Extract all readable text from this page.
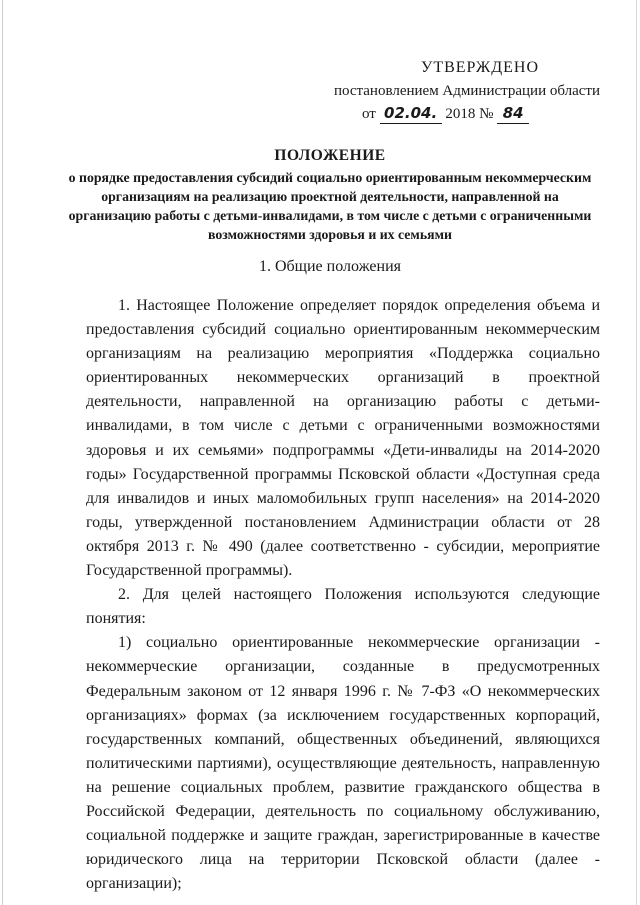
УТВЕРЖДЕНО
постановлением Администрации области
от 02.04. 2018 № 84
ПОЛОЖЕНИЕ
о порядке предоставления субсидий социально ориентированным некоммерческим организациям на реализацию проектной деятельности, направленной на организацию работы с детьми-инвалидами, в том числе с детьми с ограниченными возможностями здоровья и их семьями
1. Общие положения

1. Настоящее Положение определяет порядок определения объема и предоставления субсидий социально ориентированным некоммерческим организациям на реализацию мероприятия «Поддержка социально ориентированных некоммерческих организаций в проектной деятельности, направленной на организацию работы с детьми-инвалидами, в том числе с детьми с ограниченными возможностями здоровья и их семьями» подпрограммы «Дети-инвалиды на 2014-2020 годы» Государственной программы Псковской области «Доступная среда для инвалидов и иных маломобильных групп населения» на 2014-2020 годы, утвержденной постановлением Администрации области от 28 октября 2013 г. № 490 (далее соответственно - субсидии, мероприятие Государственной программы).

2. Для целей настоящего Положения используются следующие понятия:

1) социально ориентированные некоммерческие организации - некоммерческие организации, созданные в предусмотренных Федеральным законом от 12 января 1996 г. № 7-ФЗ «О некоммерческих организациях» формах (за исключением государственных корпораций, государственных компаний, общественных объединений, являющихся политическими партиями), осуществляющие деятельность, направленную на решение социальных проблем, развитие гражданского общества в Российской Федерации, деятельность по социальному обслуживанию, социальной поддержке и защите граждан, зарегистрированные в качестве юридического лица на территории Псковской области (далее - организации);
